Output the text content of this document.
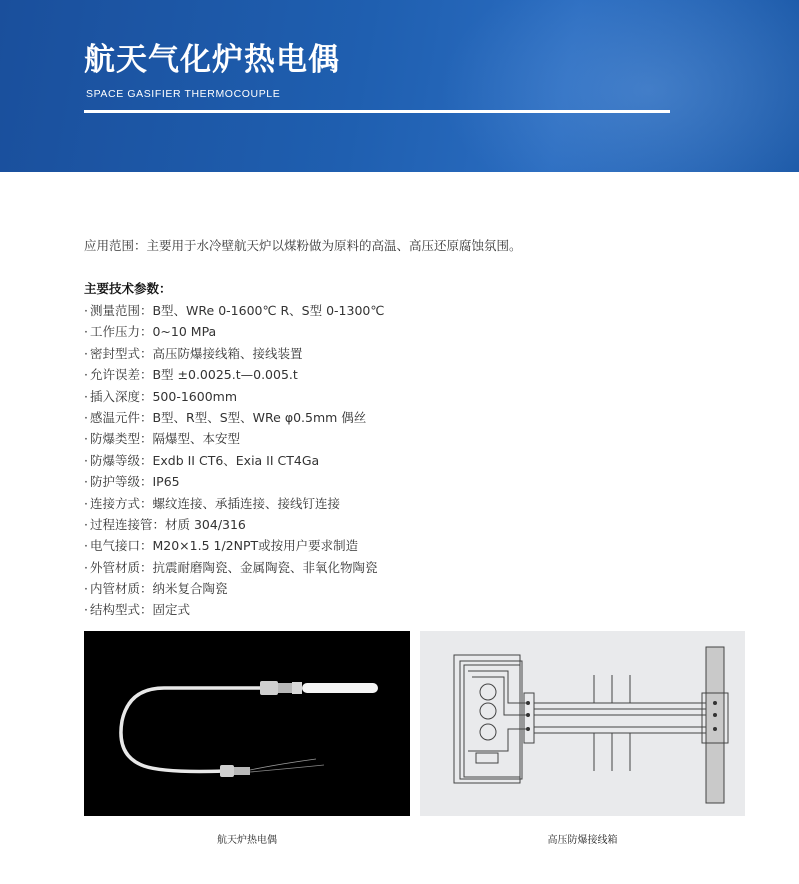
航天气化炉热电偶
SPACE GASIFIER THERMOCOUPLE
应用范围：主要用于水冷壁航天炉以煤粉做为原料的高温、高压还原腐蚀氛围。
主要技术参数：
· 测量范围：B型、WRe 0-1600℃ R、S型 0-1300℃
· 工作压力：0~10 MPa
· 密封型式：高压防爆接线箱、接线装置
· 允许误差：B型 ±0.0025.t—0.005.t
· 插入深度：500-1600mm
· 感温元件：B型、R型、S型、WRe φ0.5mm 偶丝
· 防爆类型：隔爆型、本安型
· 防爆等级：Exdb II CT6、Exia II CT4Ga
· 防护等级：IP65
· 连接方式：螺纹连接、承插连接、接线钉连接
· 过程连接管：材质 304/316
· 电气接口：M20×1.5 1/2NPT或按用户要求制造
· 外管材质：抗震耐磨陶瓷、金属陶瓷、非氧化物陶瓷
· 内管材质：纳米复合陶瓷
· 结构型式：固定式
航天炉热电偶	高压防爆接线箱
